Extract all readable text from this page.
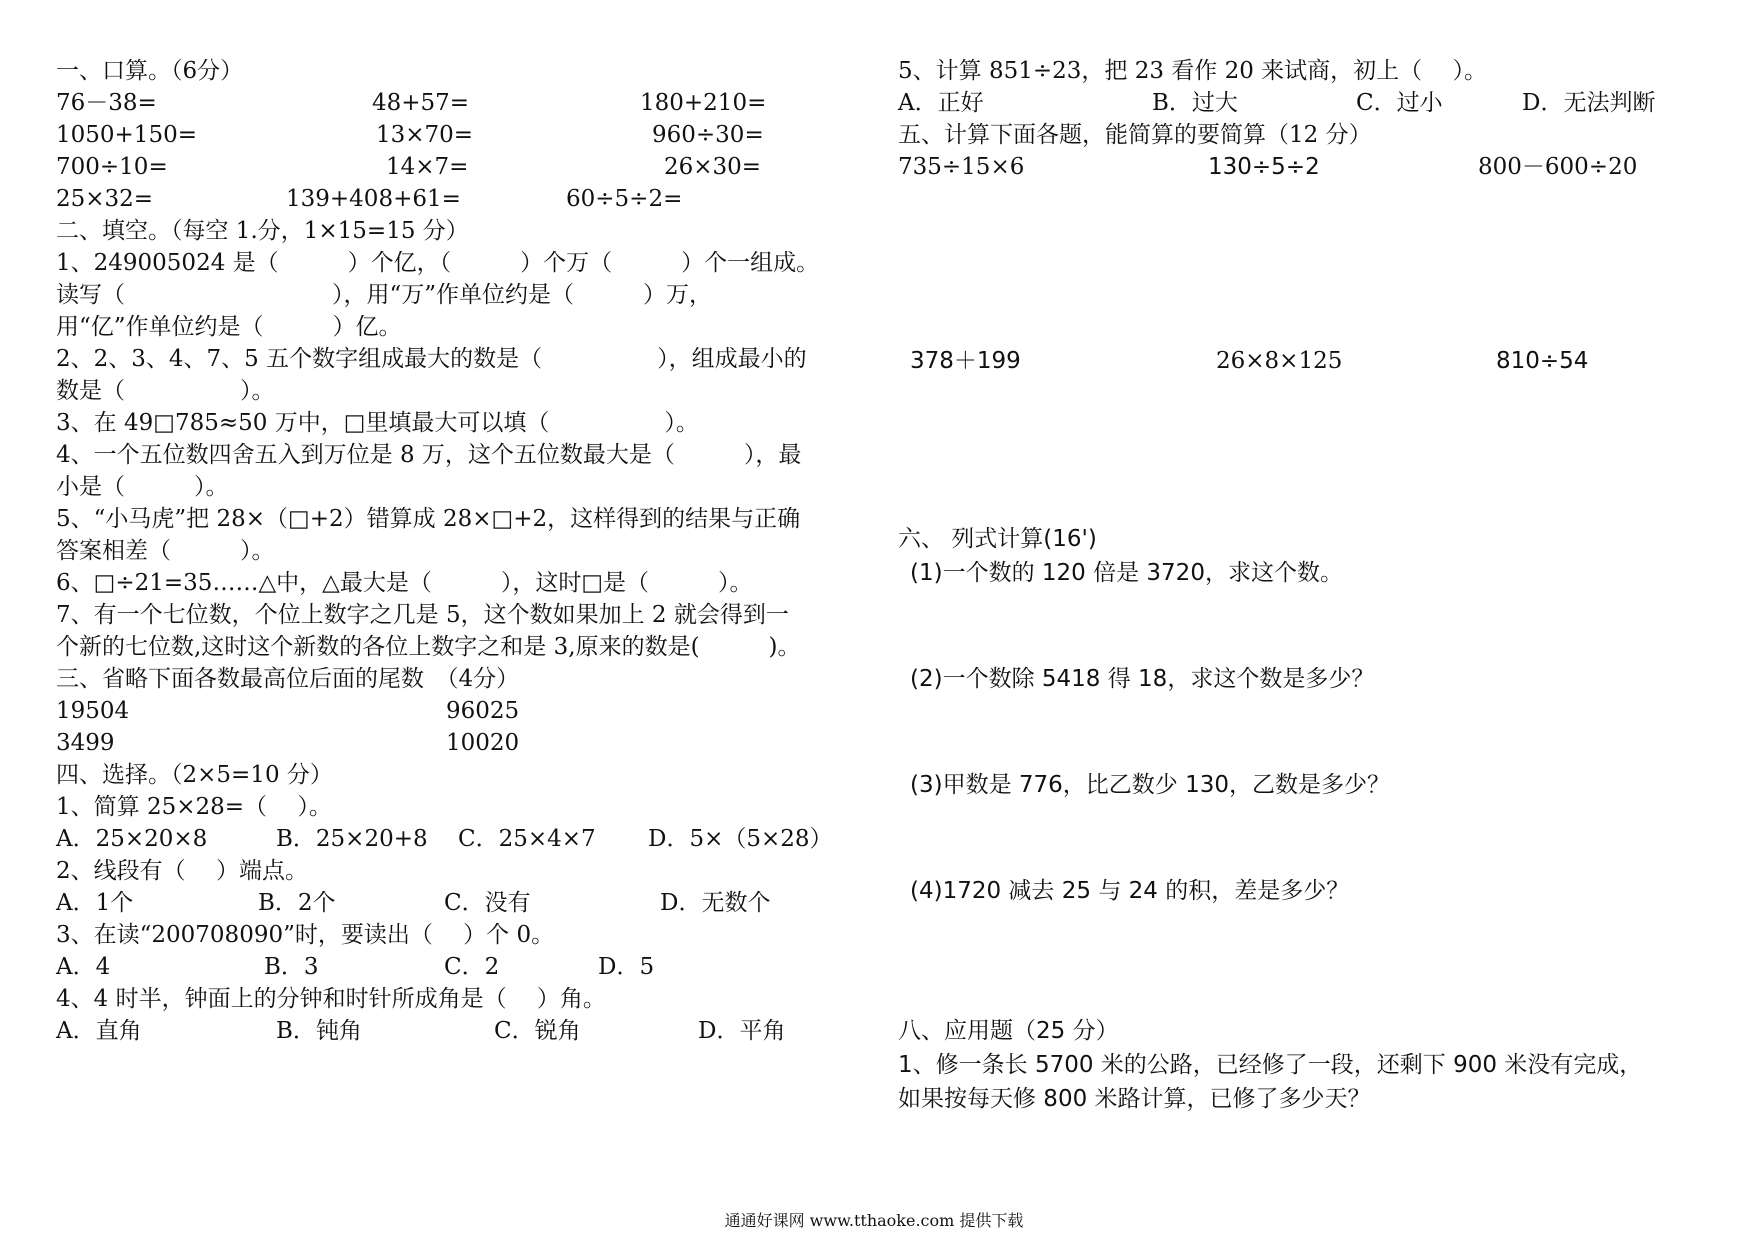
一、口算。（6分）
76－38=	48+57=	180+210=
1050+150=	13×70=	960÷30=
700÷10=	14×7=	26×30=
25×32=	139+408+61=	60÷5÷2=
二、填空。（每空 1.分，1×15=15 分）
1、249005024 是（　　　）个亿，（　　　）个万（　　　）个一组成。
读写（　　　　　　　　　），用“万”作单位约是（　　　）万，
用“亿”作单位约是（　　　）亿。
2、2、3、4、7、5 五个数字组成最大的数是（　　　　　），组成最小的
数是（　　　　　）。
3、在 49□785≈50 万中，□里填最大可以填（　　　　　）。
4、一个五位数四舍五入到万位是 8 万，这个五位数最大是（　　　），最
小是（　　　）。
5、“小马虎”把 28×（□+2）错算成 28×□+2，这样得到的结果与正确
答案相差（　　　）。
6、□÷21=35……△中，△最大是（　　　），这时□是（　　　）。
7、有一个七位数，个位上数字之几是 5，这个数如果加上 2 就会得到一
个新的七位数,这时这个新数的各位上数字之和是 3,原来的数是(　　　)。
三、省略下面各数最高位后面的尾数　（4分）
19504	96025
3499	10020
四、选择。（2×5=10 分）
1、简算 25×28=（　 ）。
A．25×20×8	B．25×20+8 C．25×4×7 D．5×（5×28）
2、线段有（　 ）端点。
A．1个	B．2个	C．没有	D．无数个
3、在读“200708090”时，要读出（　 ）个 0。
A．4	B．3	C．2	D．5
4、4 时半，钟面上的分钟和时针所成角是（　 ）角。
A．直角	B．钝角	C．锐角	D．平角
5、计算 851÷23，把 23 看作 20 来试商，初上（　 ）。
A．正好	B．过大	C．过小	D．无法判断
五、计算下面各题，能简算的要简算（12 分）
735÷15×6	130÷5÷2	800－600÷20
378＋199	26×8×125	810÷54
六、 列式计算(16')
(1)一个数的 120 倍是 3720，求这个数。
(2)一个数除 5418 得 18，求这个数是多少？
(3)甲数是 776，比乙数少 130，乙数是多少？
(4)1720 减去 25 与 24 的积，差是多少？
八、应用题（25 分）
1、修一条长 5700 米的公路，已经修了一段，还剩下 900 米没有完成，
如果按每天修 800 米路计算，已修了多少天？
通通好课网 www.tthaoke.com 提供下载
